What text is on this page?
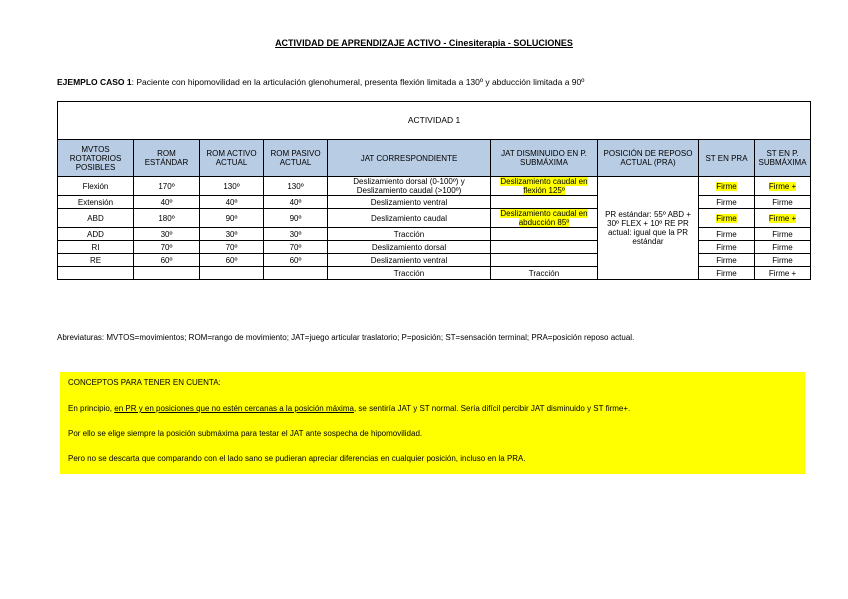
ACTIVIDAD DE APRENDIZAJE ACTIVO - Cinesiterapia - SOLUCIONES
EJEMPLO CASO 1: Paciente con hipomovilidad en la articulación glenohumeral, presenta flexión limitada a 130º y abducción limitada a 90º
ACTIVIDAD 1								
MVTOS ROTATORIOS POSIBLES	ROM ESTÁNDAR	ROM ACTIVO ACTUAL	ROM PASIVO ACTUAL	JAT CORRESPONDIENTE	JAT DISMINUIDO EN P. SUBMÁXIMA	POSICIÓN DE REPOSO ACTUAL (PRA)	ST EN PRA	ST EN P. SUBMÁXIMA
Flexión	170º	130º	130º	Deslizamiento dorsal (0-100º) y Deslizamiento caudal (>100º)	Deslizamiento caudal en flexión 125º	PR estándar: 55º ABD + 30º FLEX + 10º RE PR actual: igual que la PR estándar	Firme	Firme +
Extensión	40º	40º	40º	Deslizamiento ventral			Firme	Firme
ABD	180º	90º	90º	Deslizamiento caudal	Deslizamiento caudal en abducción 85º		Firme	Firme +
ADD	30º	30º	30º	Tracción			Firme	Firme
RI	70º	70º	70º	Deslizamiento dorsal			Firme	Firme
RE	60º	60º	60º	Deslizamiento ventral			Firme	Firme
				Tracción	Tracción		Firme	Firme +
Abreviaturas: MVTOS=movimientos; ROM=rango de movimiento; JAT=juego articular traslatorio; P=posición; ST=sensación terminal; PRA=posición reposo actual.

CONCEPTOS PARA TENER EN CUENTA:

En principio, en PR y en posiciones que no estén cercanas a la posición máxima, se sentiría JAT y ST normal. Sería difícil percibir JAT disminuido y ST firme+.

Por ello se elige siempre la posición submáxima para testar el JAT ante sospecha de hipomovilidad.

Pero no se descarta que comparando con el lado sano se pudieran apreciar diferencias en cualquier posición, incluso en la PRA.
